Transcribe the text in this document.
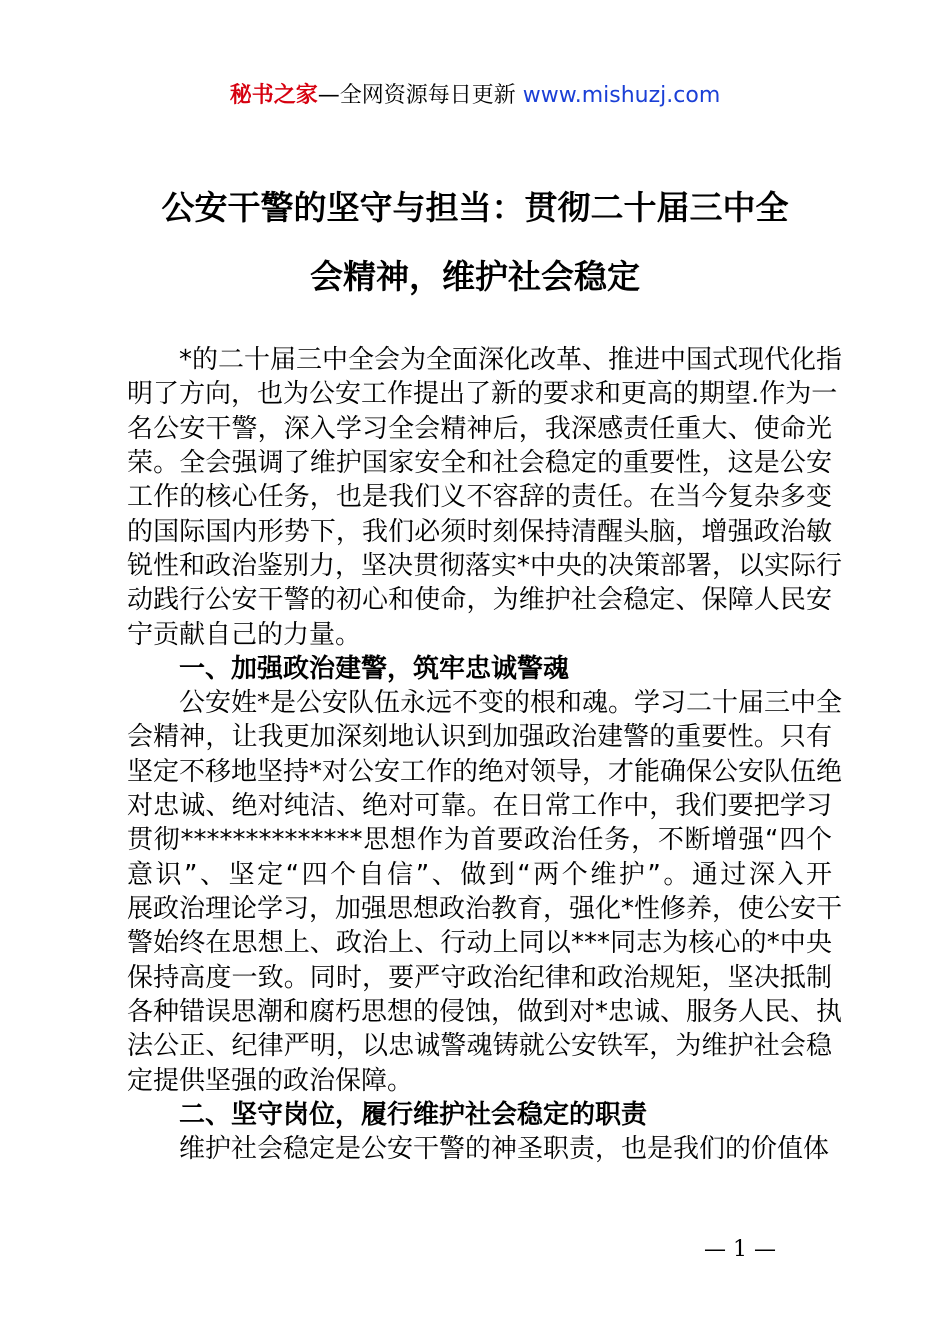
秘书之家—全网资源每日更新 www.mishuzj.com
公安干警的坚守与担当：贯彻二十届三中全
会精神，维护社会稳定
*的二十届三中全会为全面深化改革、推进中国式现代化指
明了方向，也为公安工作提出了新的要求和更高的期望.作为一
名公安干警，深入学习全会精神后，我深感责任重大、使命光
荣。全会强调了维护国家安全和社会稳定的重要性，这是公安
工作的核心任务，也是我们义不容辞的责任。在当今复杂多变
的国际国内形势下，我们必须时刻保持清醒头脑，增强政治敏
锐性和政治鉴别力，坚决贯彻落实*中央的决策部署，以实际行
动践行公安干警的初心和使命，为维护社会稳定、保障人民安
宁贡献自己的力量。
一、加强政治建警，筑牢忠诚警魂
公安姓*是公安队伍永远不变的根和魂。学习二十届三中全
会精神，让我更加深刻地认识到加强政治建警的重要性。只有
坚定不移地坚持*对公安工作的绝对领导，才能确保公安队伍绝
对忠诚、绝对纯洁、绝对可靠。在日常工作中，我们要把学习
贯彻**************思想作为首要政治任务，不断增强“四个
意识”、坚定“四个自信”、做到“两个维护”。通过深入开
展政治理论学习，加强思想政治教育，强化*性修养，使公安干
警始终在思想上、政治上、行动上同以***同志为核心的*中央
保持高度一致。同时，要严守政治纪律和政治规矩，坚决抵制
各种错误思潮和腐朽思想的侵蚀，做到对*忠诚、服务人民、执
法公正、纪律严明，以忠诚警魂铸就公安铁军，为维护社会稳
定提供坚强的政治保障。
二、坚守岗位，履行维护社会稳定的职责
维护社会稳定是公安干警的神圣职责，也是我们的价值体
— 1 —
